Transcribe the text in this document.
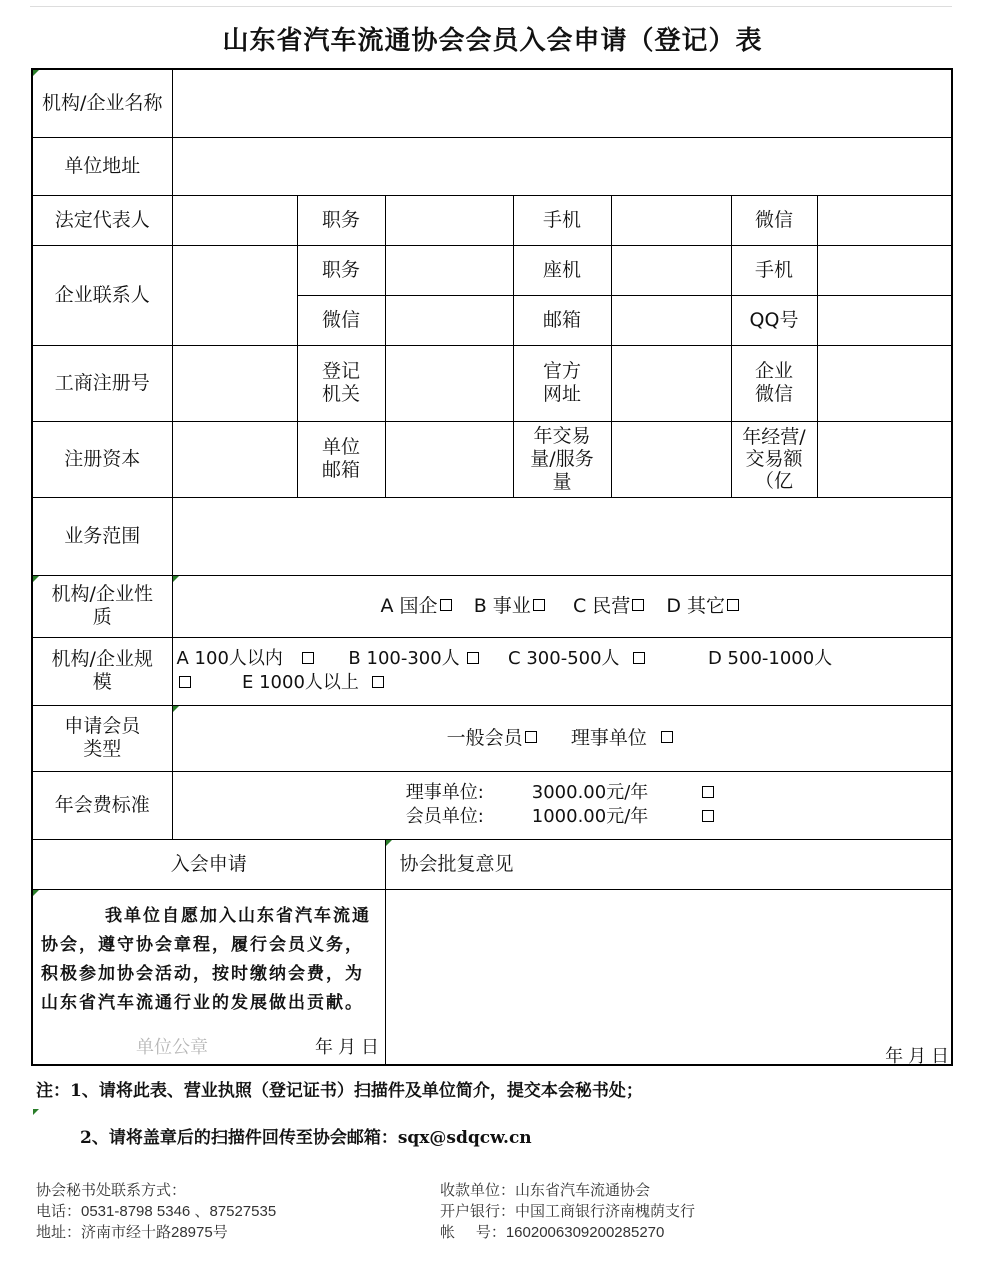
山东省汽车流通协会会员入会申请（登记）表
机构/企业名称							
单位地址							
法定代表人		职务		手机		微信	
企业联系人		职务		座机		手机	
		微信		邮箱		QQ号	
工商注册号		登记机关		官方网址		企业微信	
注册资本		单位邮箱		年交易量/服务量		年经营/交易额（亿	
业务范围							
机构/企业性质	A 国企 B 事业 C 民营 D 其它						
机构/企业规模	A 100人以内 B 100-300人 C 300-500人 D 500-1000人
E 1000人以上						
申请会员类型	一般会员 理事单位						
年会费标准	理事单位: 3000.00元/年
会员单位: 1000.00元/年						

入会申请			协会批复意见				

我单位自愿加入山东省汽车流通协会，遵守协会章程，履行会员义务，积极参加协会活动，按时缴纳会费，为山东省汽车流通行业的发展做出贡献。
单位公章 年 月 日			年 月 日				
注：1、请将此表、营业执照（登记证书）扫描件及单位简介，提交本会秘书处；
2、请将盖章后的扫描件回传至协会邮箱：sqx@sdqcw.cn
协会秘书处联系方式：
电话：0531-8798 5346 、87527535
地址：济南市经十路28975号
收款单位：山东省汽车流通协会
开户银行：中国工商银行济南槐荫支行
帐     号：1602006309200285270
